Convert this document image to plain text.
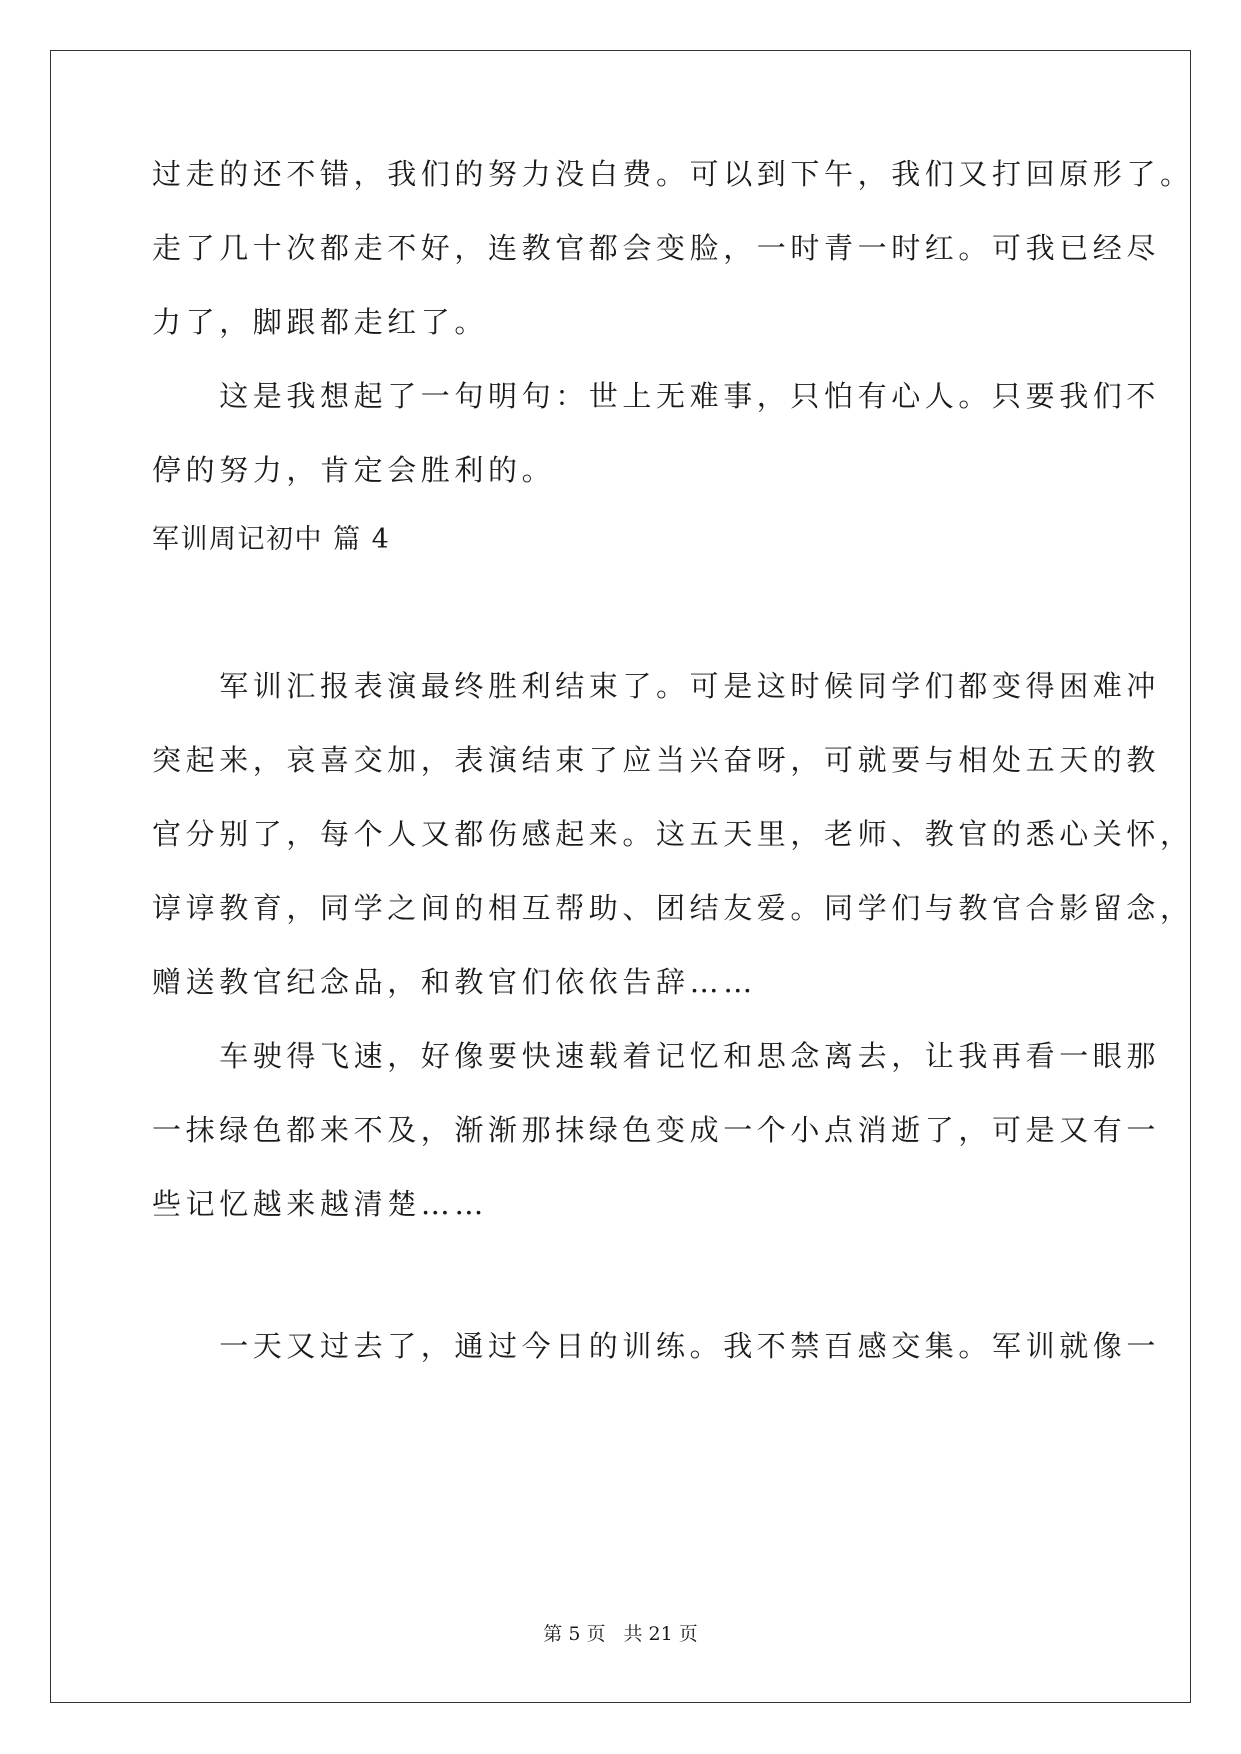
过走的还不错，我们的努力没白费。可以到下午，我们又打回原形了。
走了几十次都走不好，连教官都会变脸，一时青一时红。可我已经尽
力了，脚跟都走红了。
　　这是我想起了一句明句：世上无难事，只怕有心人。只要我们不
停的努力，肯定会胜利的。
军训周记初中 篇 4
　　军训汇报表演最终胜利结束了。可是这时候同学们都变得困难冲
突起来，哀喜交加，表演结束了应当兴奋呀，可就要与相处五天的教
官分别了，每个人又都伤感起来。这五天里，老师、教官的悉心关怀，
谆谆教育，同学之间的相互帮助、团结友爱。同学们与教官合影留念，
赠送教官纪念品，和教官们依依告辞……
　　车驶得飞速，好像要快速载着记忆和思念离去，让我再看一眼那
一抹绿色都来不及，渐渐那抹绿色变成一个小点消逝了，可是又有一
些记忆越来越清楚……
　　一天又过去了，通过今日的训练。我不禁百感交集。军训就像一
第 5 页 共 21 页
